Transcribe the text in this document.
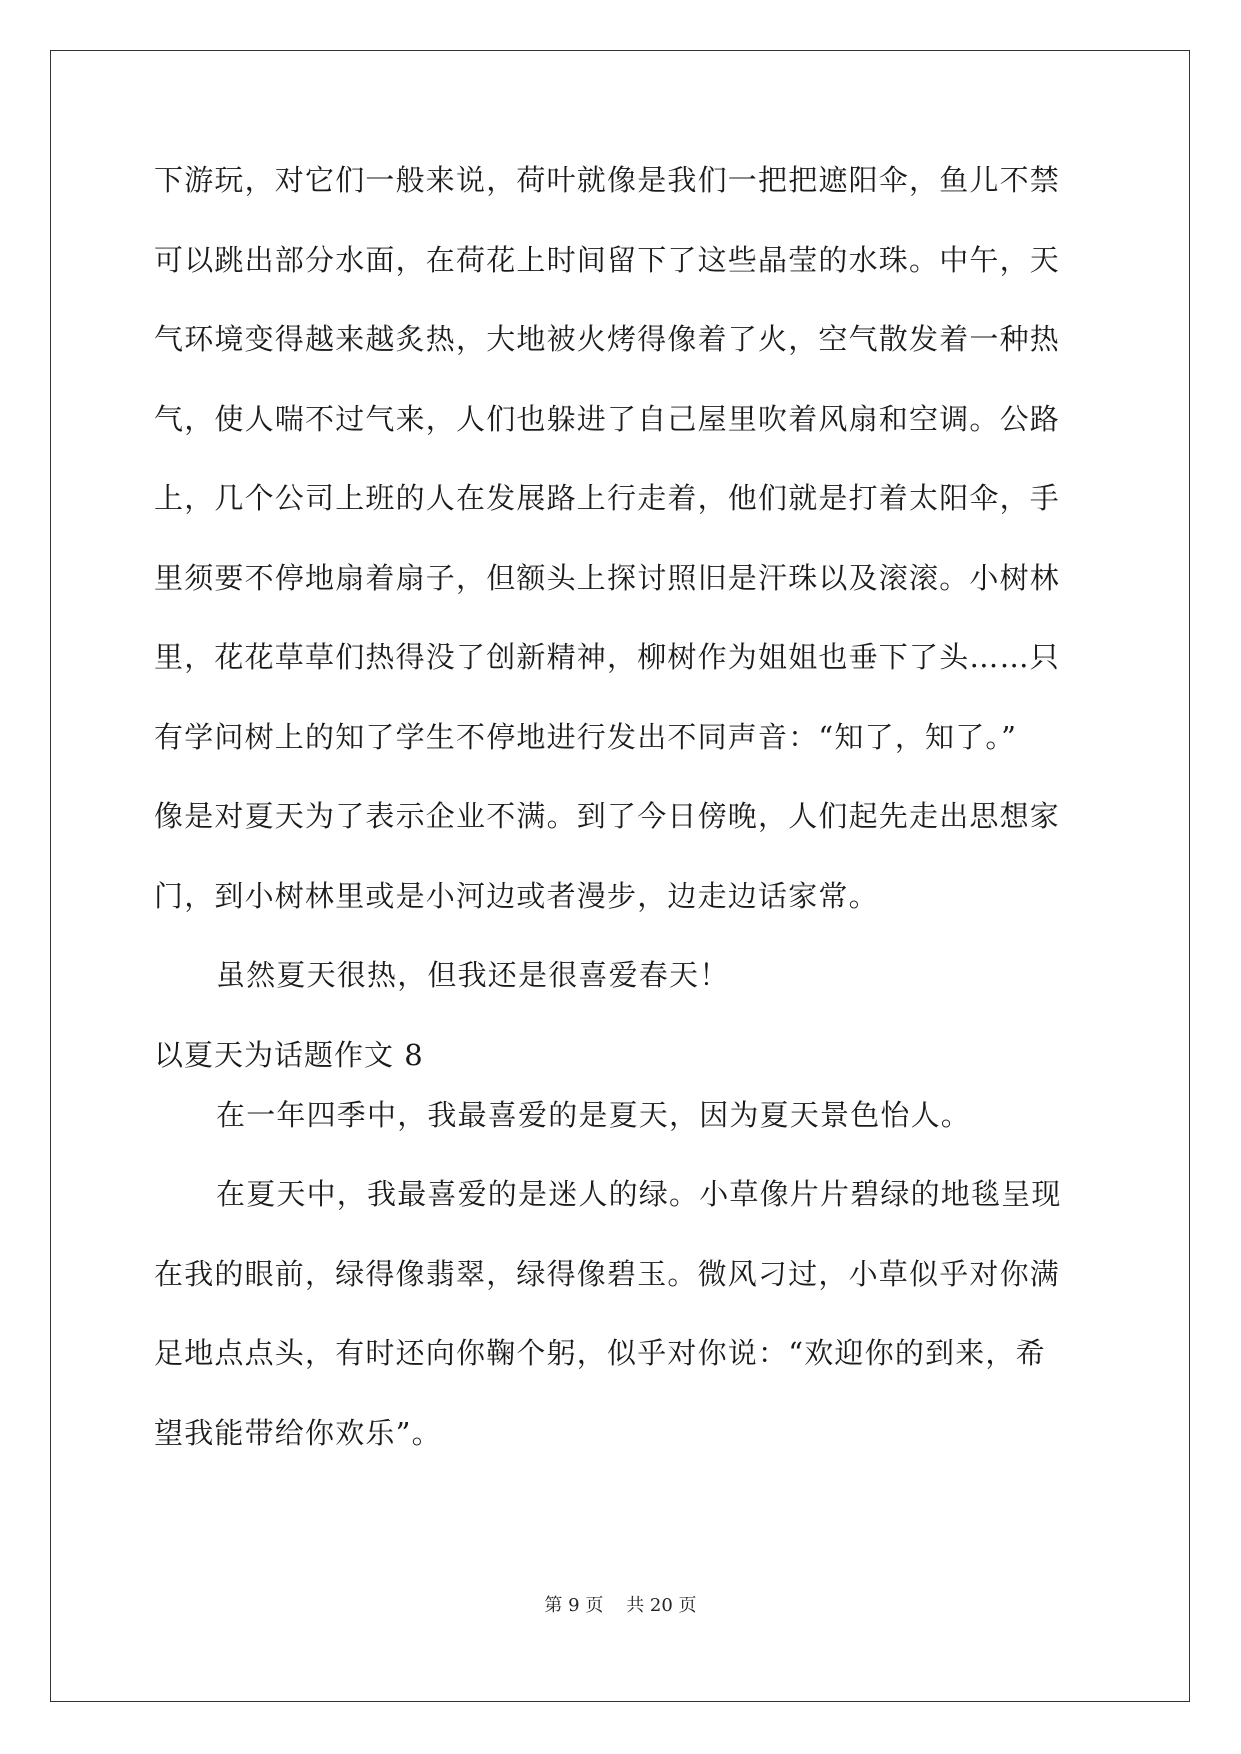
下游玩，对它们一般来说，荷叶就像是我们一把把遮阳伞，鱼儿不禁
可以跳出部分水面，在荷花上时间留下了这些晶莹的水珠。中午，天
气环境变得越来越炙热，大地被火烤得像着了火，空气散发着一种热
气，使人喘不过气来，人们也躲进了自己屋里吹着风扇和空调。公路
上，几个公司上班的人在发展路上行走着，他们就是打着太阳伞，手
里须要不停地扇着扇子，但额头上探讨照旧是汗珠以及滚滚。小树林
里，花花草草们热得没了创新精神，柳树作为姐姐也垂下了头……只
有学问树上的知了学生不停地进行发出不同声音：“知了，知了。”
像是对夏天为了表示企业不满。到了今日傍晚，人们起先走出思想家
门，到小树林里或是小河边或者漫步，边走边话家常。
虽然夏天很热，但我还是很喜爱春天！
以夏天为话题作文 8
在一年四季中，我最喜爱的是夏天，因为夏天景色怡人。
在夏天中，我最喜爱的是迷人的绿。小草像片片碧绿的地毯呈现
在我的眼前，绿得像翡翠，绿得像碧玉。微风刁过，小草似乎对你满
足地点点头，有时还向你鞠个躬，似乎对你说：“欢迎你的到来，希
望我能带给你欢乐”。
第 9 页    共 20 页
